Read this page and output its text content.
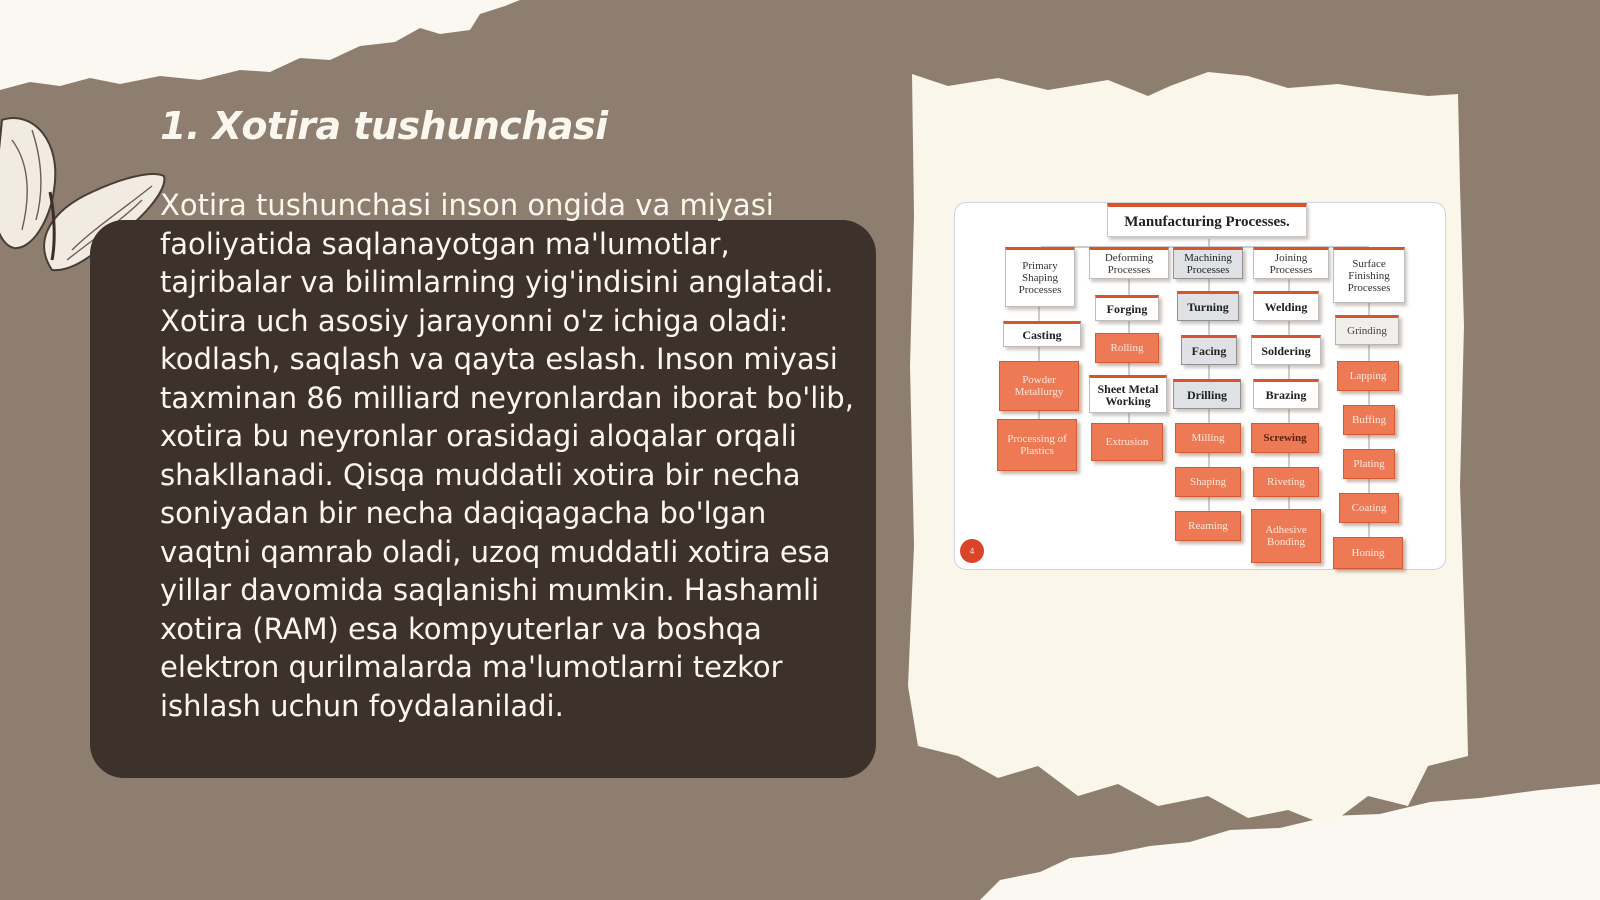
1. Xotira tushunchasi

Xotira tushunchasi inson ongida va miyasi faoliyatida saqlanayotgan ma'lumotlar, tajribalar va bilimlarning yig'indisini anglatadi. Xotira uch asosiy jarayonni o'z ichiga oladi: kodlash, saqlash va qayta eslash. Inson miyasi taxminan 86 milliard neyronlardan iborat bo'lib, xotira bu neyronlar orasidagi aloqalar orqali shakllanadi. Qisqa muddatli xotira bir necha soniyadan bir necha daqiqagacha bo'lgan vaqtni qamrab oladi, uzoq muddatli xotira esa yillar davomida saqlanishi mumkin. Hashamli xotira (RAM) esa kompyuterlar va boshqa elektron qurilmalarda ma'lumotlarni tezkor ishlash uchun foydalaniladi.

Manufacturing Processes.
Primary Shaping Processes
Deforming Processes
Machining Processes
Joining Processes	Surface Finishing Processes
Casting
Powder Metallurgy
Processing of Plastics
Forging
Rolling
Sheet Metal Working
Extrusion
Turning
Facing
Drilling
Milling
Shaping
Reaming
Welding
Soldering
Brazing
Screwing
Riveting
Adhesive Bonding
Grinding
Lapping
Buffing
Plating
Coating
Honing
4
